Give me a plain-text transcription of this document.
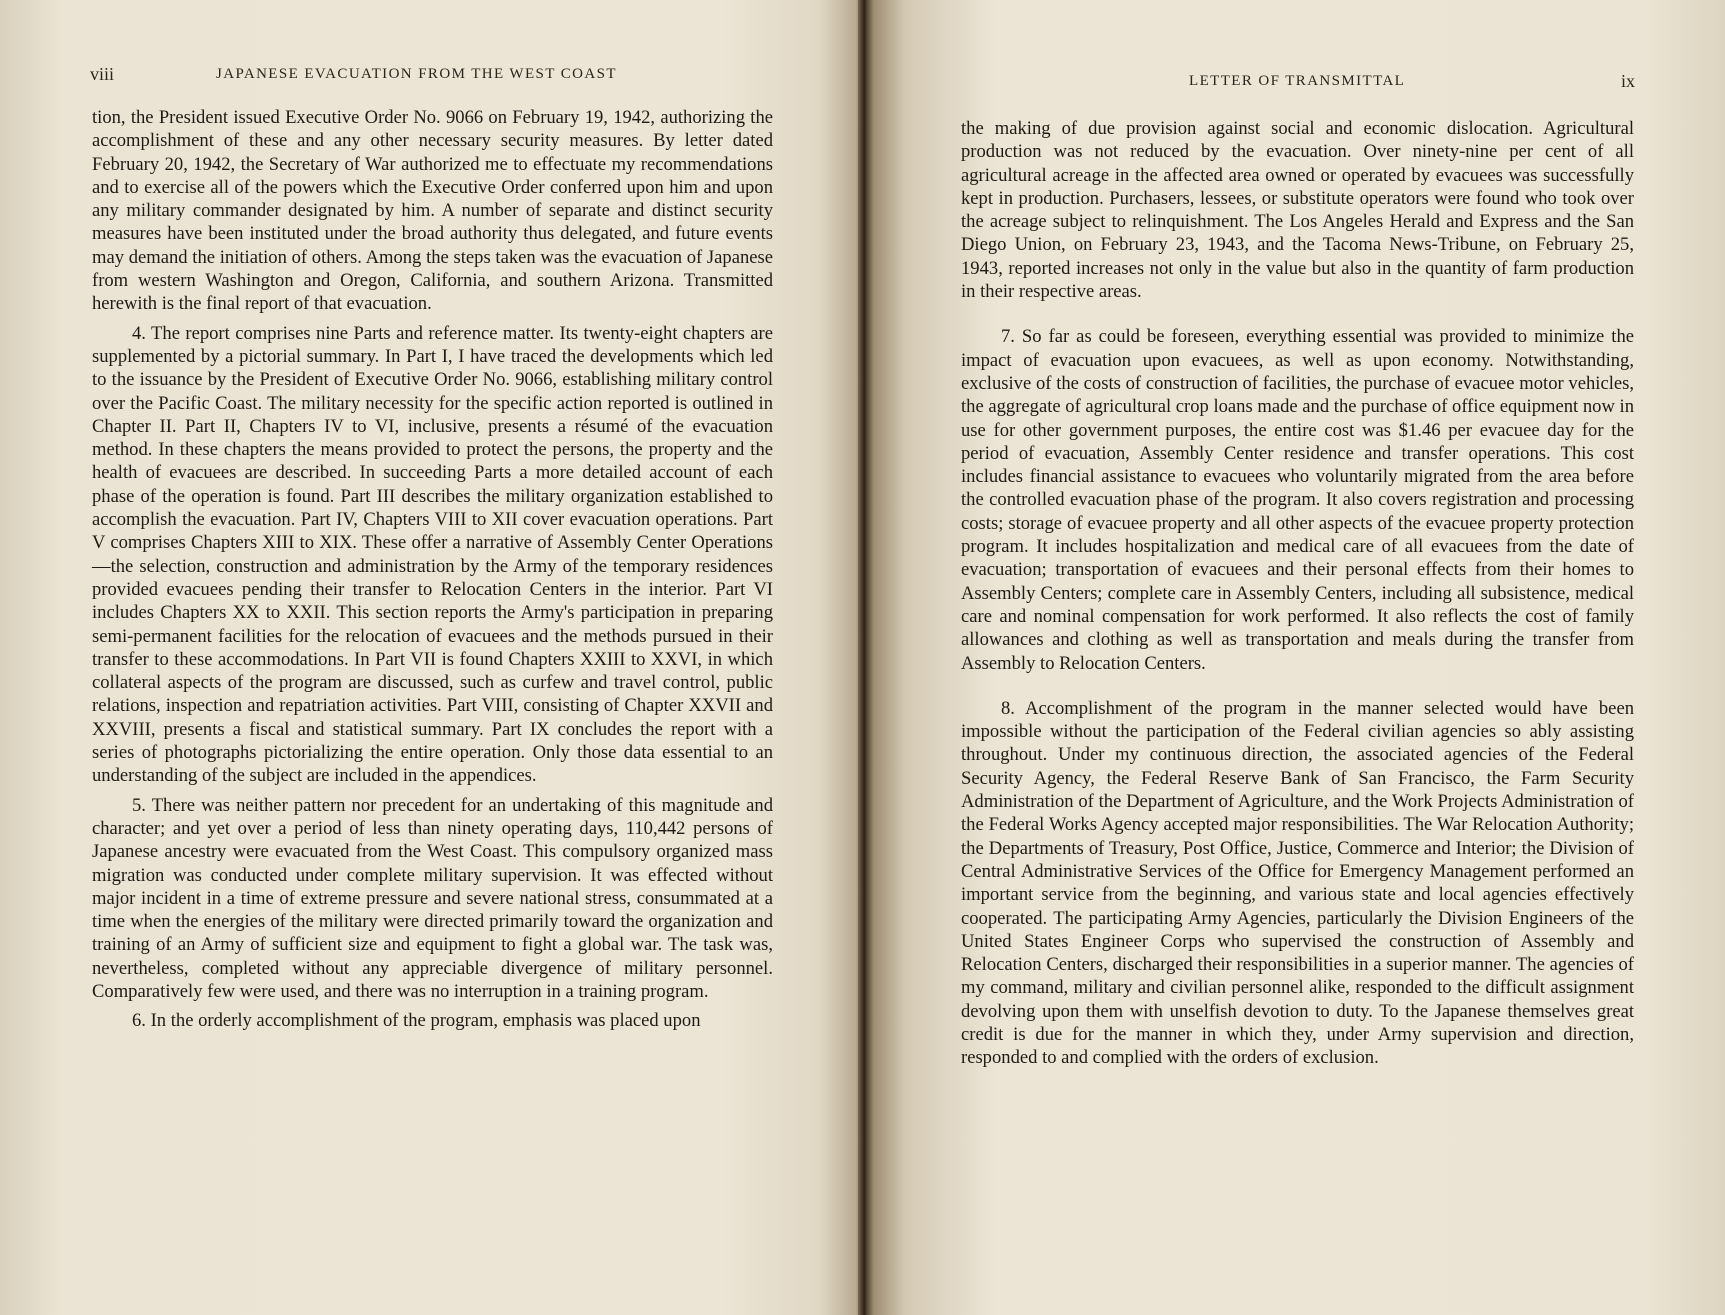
viii	JAPANESE EVACUATION FROM THE WEST COAST

tion, the President issued Executive Order No. 9066 on February 19, 1942, authorizing the accomplishment of these and any other necessary security measures. By letter dated February 20, 1942, the Secretary of War authorized me to effectuate my recommendations and to exercise all of the powers which the Executive Order conferred upon him and upon any military commander designated by him. A number of separate and distinct security measures have been instituted under the broad authority thus delegated, and future events may demand the initiation of others. Among the steps taken was the evacuation of Japanese from western Washington and Oregon, California, and southern Arizona. Transmitted herewith is the final report of that evacuation.

4. The report comprises nine Parts and reference matter. Its twenty-eight chapters are supplemented by a pictorial summary. In Part I, I have traced the developments which led to the issuance by the President of Executive Order No. 9066, establishing military control over the Pacific Coast. The military necessity for the specific action reported is outlined in Chapter II. Part II, Chapters IV to VI, inclusive, presents a résumé of the evacuation method. In these chapters the means provided to protect the persons, the property and the health of evacuees are described. In succeeding Parts a more detailed account of each phase of the operation is found. Part III describes the military organization established to accomplish the evacuation. Part IV, Chapters VIII to XII cover evacuation operations. Part V comprises Chapters XIII to XIX. These offer a narrative of Assembly Center Operations—the selection, construction and administration by the Army of the temporary residences provided evacuees pending their transfer to Relocation Centers in the interior. Part VI includes Chapters XX to XXII. This section reports the Army's participation in preparing semi-permanent facilities for the relocation of evacuees and the methods pursued in their transfer to these accommodations. In Part VII is found Chapters XXIII to XXVI, in which collateral aspects of the program are discussed, such as curfew and travel control, public relations, inspection and repatriation activities. Part VIII, consisting of Chapter XXVII and XXVIII, presents a fiscal and statistical summary. Part IX concludes the report with a series of photographs pictorializing the entire operation. Only those data essential to an understanding of the subject are included in the appendices.

5. There was neither pattern nor precedent for an undertaking of this magnitude and character; and yet over a period of less than ninety operating days, 110,442 persons of Japanese ancestry were evacuated from the West Coast. This compulsory organized mass migration was conducted under complete military supervision. It was effected without major incident in a time of extreme pressure and severe national stress, consummated at a time when the energies of the military were directed primarily toward the organization and training of an Army of sufficient size and equipment to fight a global war. The task was, nevertheless, completed without any appreciable divergence of military personnel. Comparatively few were used, and there was no interruption in a training program.

6. In the orderly accomplishment of the program, emphasis was placed upon

LETTER OF TRANSMITTAL	ix

the making of due provision against social and economic dislocation. Agricultural production was not reduced by the evacuation. Over ninety-nine per cent of all agricultural acreage in the affected area owned or operated by evacuees was successfully kept in production. Purchasers, lessees, or substitute operators were found who took over the acreage subject to relinquishment. The Los Angeles Herald and Express and the San Diego Union, on February 23, 1943, and the Tacoma News-Tribune, on February 25, 1943, reported increases not only in the value but also in the quantity of farm production in their respective areas.

7. So far as could be foreseen, everything essential was provided to minimize the impact of evacuation upon evacuees, as well as upon economy. Notwithstanding, exclusive of the costs of construction of facilities, the purchase of evacuee motor vehicles, the aggregate of agricultural crop loans made and the purchase of office equipment now in use for other government purposes, the entire cost was $1.46 per evacuee day for the period of evacuation, Assembly Center residence and transfer operations. This cost includes financial assistance to evacuees who voluntarily migrated from the area before the controlled evacuation phase of the program. It also covers registration and processing costs; storage of evacuee property and all other aspects of the evacuee property protection program. It includes hospitalization and medical care of all evacuees from the date of evacuation; transportation of evacuees and their personal effects from their homes to Assembly Centers; complete care in Assembly Centers, including all subsistence, medical care and nominal compensation for work performed. It also reflects the cost of family allowances and clothing as well as transportation and meals during the transfer from Assembly to Relocation Centers.

8. Accomplishment of the program in the manner selected would have been impossible without the participation of the Federal civilian agencies so ably assisting throughout. Under my continuous direction, the associated agencies of the Federal Security Agency, the Federal Reserve Bank of San Francisco, the Farm Security Administration of the Department of Agriculture, and the Work Projects Administration of the Federal Works Agency accepted major responsibilities. The War Relocation Authority; the Departments of Treasury, Post Office, Justice, Commerce and Interior; the Division of Central Administrative Services of the Office for Emergency Management performed an important service from the beginning, and various state and local agencies effectively cooperated. The participating Army Agencies, particularly the Division Engineers of the United States Engineer Corps who supervised the construction of Assembly and Relocation Centers, discharged their responsibilities in a superior manner. The agencies of my command, military and civilian personnel alike, responded to the difficult assignment devolving upon them with unselfish devotion to duty. To the Japanese themselves great credit is due for the manner in which they, under Army supervision and direction, responded to and complied with the orders of exclusion.
